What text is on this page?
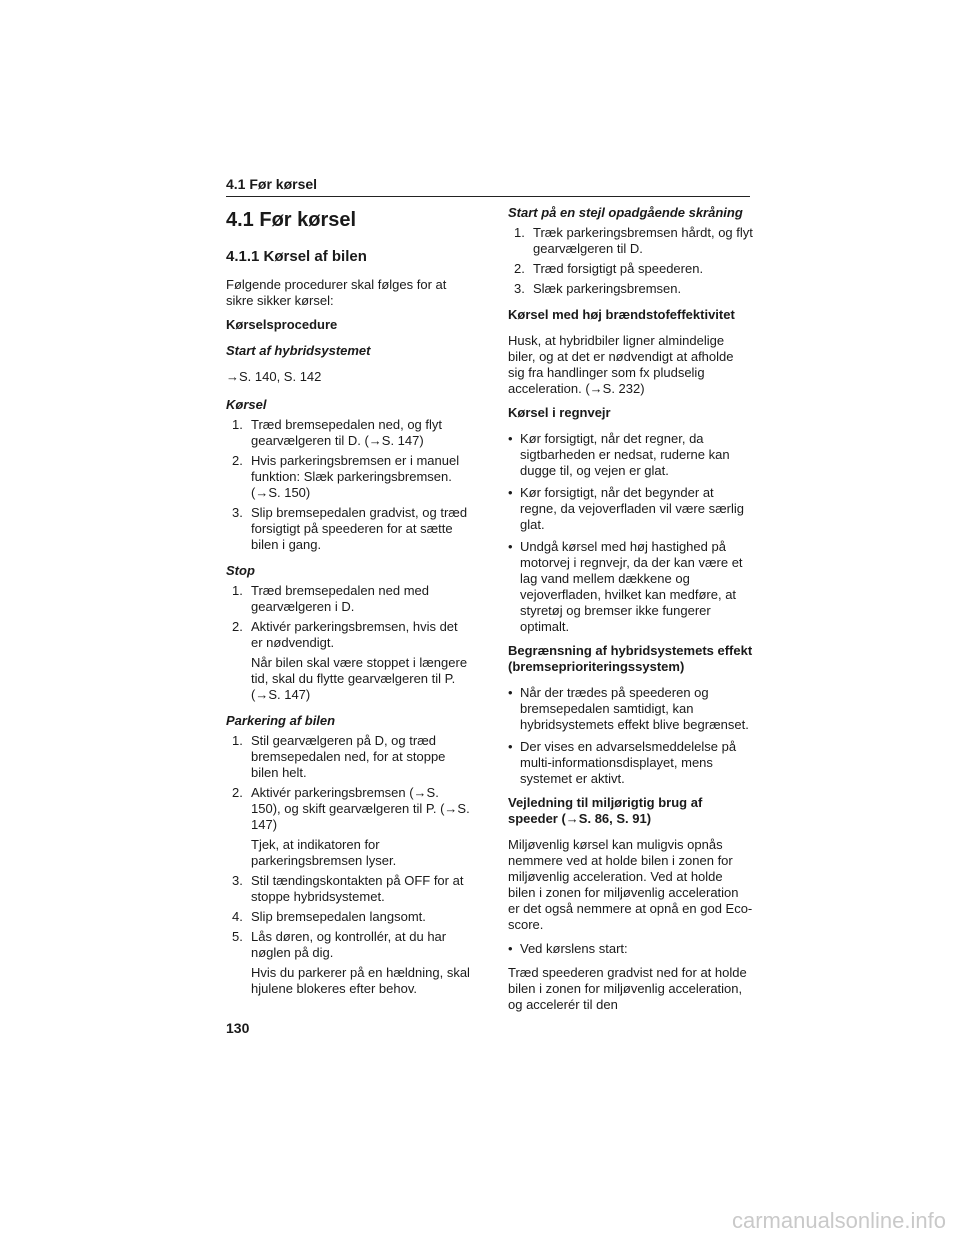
4.1 Før kørsel
4.1 Før kørsel
4.1.1 Kørsel af bilen
Følgende procedurer skal følges for at sikre sikker kørsel:
Kørselsprocedure
Start af hybridsystemet
→S. 140, S. 142
Kørsel
1. Træd bremsepedalen ned, og flyt gearvælgeren til D. (→S. 147)
2. Hvis parkeringsbremsen er i manuel funktion: Slæk parkeringsbremsen. (→S. 150)
3. Slip bremsepedalen gradvist, og træd forsigtigt på speederen for at sætte bilen i gang.
Stop
1. Træd bremsepedalen ned med gearvælgeren i D.
2. Aktivér parkeringsbremsen, hvis det er nødvendigt.
Når bilen skal være stoppet i længere tid, skal du flytte gearvælgeren til P. (→S. 147)
Parkering af bilen
1. Stil gearvælgeren på D, og træd bremsepedalen ned, for at stoppe bilen helt.
2. Aktivér parkeringsbremsen (→S. 150), og skift gearvælgeren til P. (→S. 147)
Tjek, at indikatoren for parkeringsbremsen lyser.
3. Stil tændingskontakten på OFF for at stoppe hybridsystemet.
4. Slip bremsepedalen langsomt.
5. Lås døren, og kontrollér, at du har nøglen på dig.
Hvis du parkerer på en hældning, skal hjulene blokeres efter behov.
Start på en stejl opadgående skråning
1. Træk parkeringsbremsen hårdt, og flyt gearvælgeren til D.
2. Træd forsigtigt på speederen.
3. Slæk parkeringsbremsen.
Kørsel med høj brændstofeffektivitet
Husk, at hybridbiler ligner almindelige biler, og at det er nødvendigt at afholde sig fra handlinger som fx pludselig acceleration. (→S. 232)
Kørsel i regnvejr
• Kør forsigtigt, når det regner, da sigtbarheden er nedsat, ruderne kan dugge til, og vejen er glat.
• Kør forsigtigt, når det begynder at regne, da vejoverfladen vil være særlig glat.
• Undgå kørsel med høj hastighed på motorvej i regnvejr, da der kan være et lag vand mellem dækkene og vejoverfladen, hvilket kan medføre, at styretøj og bremser ikke fungerer optimalt.
Begrænsning af hybridsystemets effekt (bremseprioriteringssystem)
• Når der trædes på speederen og bremsepedalen samtidigt, kan hybridsystemets effekt blive begrænset.
• Der vises en advarselsmeddelelse på multi-informationsdisplayet, mens systemet er aktivt.
Vejledning til miljørigtig brug af speeder (→S. 86, S. 91)
Miljøvenlig kørsel kan muligvis opnås nemmere ved at holde bilen i zonen for miljøvenlig acceleration. Ved at holde bilen i zonen for miljøvenlig acceleration er det også nemmere at opnå en god Eco-score.
• Ved kørslens start:
Træd speederen gradvist ned for at holde bilen i zonen for miljøvenlig acceleration, og accelerér til den
130
carmanualsonline.info
